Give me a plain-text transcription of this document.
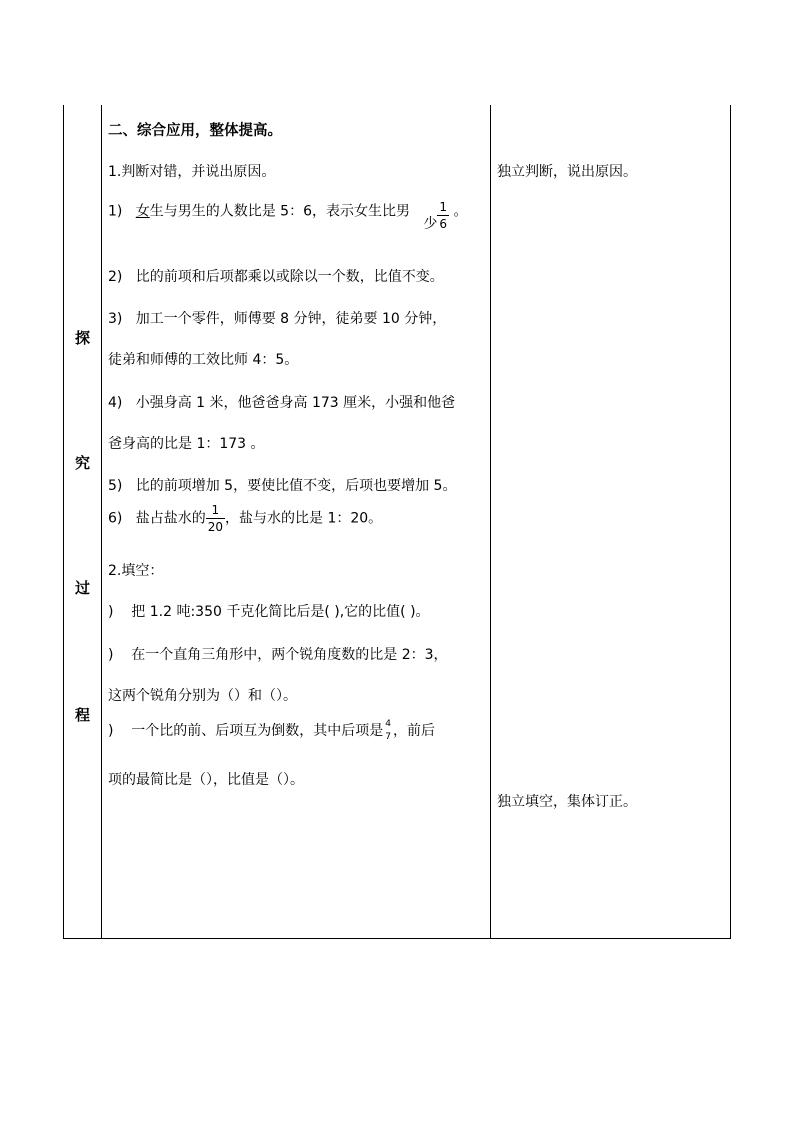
探
究
过
程
二、综合应用，整体提高。
1.判断对错，并说出原因。
1) 女生与男生的人数比是 5：6，表示女生比男   少 $\frac{1}{6}$ 。
2) 比的前项和后项都乘以或除以一个数，比值不变。
3) 加工一个零件，师傅要 8 分钟，徒弟要 10 分钟，
徒弟和师傅的工效比师 4：5。
4) 小强身高 1 米，他爸爸身高 173 厘米，小强和他爸
爸身高的比是 1：173 。
5) 比的前项增加 5，要使比值不变，后项也要增加 5。
6) 盐占盐水的 $\frac{1}{20}$ ，盐与水的比是 1：20。
2.填空：
) 把 1.2 吨:350 千克化简比后是( ),它的比值( )。
) 在一个直角三角形中，两个锐角度数的比是 2：3，
这两个锐角分别为（）和（）。
) 一个比的前、后项互为倒数，其中后项是 4
7 ，前后
项的最简比是（），比值是（）。
独立判断，说出原因。
独立填空，集体订正。
